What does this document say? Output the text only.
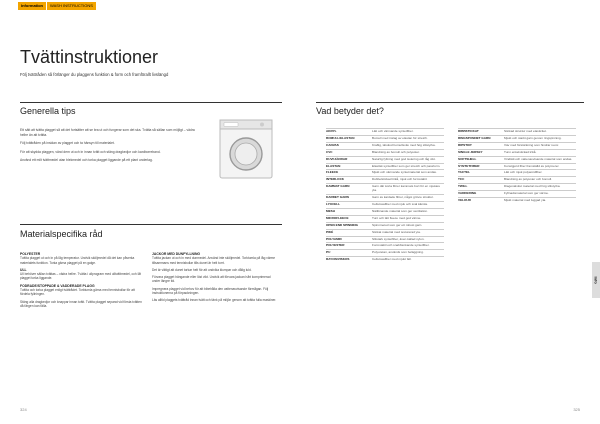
Information	WASH INSTRUCTIONS
Tvättinstruktioner
Följ tvättråden så förlänger du plaggens funktion & form och framförallt livslängd
Generella tips

Ett sätt att tvätta plagget så att det fortsätter att se bra ut och fungerar som det ska. Tvätta så sällan som möjligt – vädra hellre än att tvätta.

Följ tvättråden på insidan av plagget och ta hänsyn till materialet.

För att skydda plaggen, vänd dem ut och in innan tvätt och stäng dragkedjor och kardborreband.

Använd ett milt tvättmedel utan blekmedel och torka plagget liggande på ett plant underlag.

Materialspecifika råd
POLYESTER

Tvätta plagget ut och in på låg temperatur. Undvik sköljmedel då det kan påverka materialets funktion. Torka gärna plagget på en galge.

ULL

Ull behöver sällan tvättas – vädra hellre. Tvätta i ullprogram med ulltvättmedel, och låt plagget torka liggande.

FODRADE/STOPPADE & VADDERADE PLAGG

Tvätta och torka plagget enligt tvättrådet. Torktumla gärna med tennisbollar för att fördela fyllningen.

Stäng alla dragkedjor och knappar innan tvätt. Tvätta plagget separat vid första tvätten då färgen kan fälla.

JACKOR MED DUNFYLLNING

Tvätta jackan ut och in med dunmedel. Använd inte sköljmedel. Torktumla på låg värme tillsammans med tennisbollar tills dunet är helt torrt.

Det är viktigt att dunet torkar helt för att undvika klumpar och dålig lukt.

Förvara plagget hängande eller löst vikt. Undvik att förvara jackan hårt komprimerad under längre tid.

Impregnera plagget vid behov för att bibehålla den vattenavvisande förmågan. Följ instruktionerna på förpackningen.

Läs alltid plaggets tvättråd innan tvätt och tänk på miljön genom att tvätta fulla maskiner.

Vad betyder det?
AKRYL	Lätt och värmande syntetfiber.
BOMULL/ELASTAN	Bomull med inslag av elastan för stretch.
CANVAS	Kraftig, tätvävd bomullsväv med hög slitstyrka.
CVC	Blandning av bomull och polyester.
DUVFJÄDRAR	Naturlig fyllning med god isolering och låg vikt.
ELASTAN	Elastisk syntetfiber som ger stretch och passform.
FLEECE	Mjukt och värmande syntetmaterial som andas.
INTERLOCK	Dubbelstickad trikå, mjuk och formstabil.
KAMMAT GARN	Garn där korta fibrer kammats bort för en mjukare yta.
KARDET GARN	Garn av kardade fibrer, något grövre struktur.
LYOCELL	Cellulosafiber med mjuk och sval känsla.
MESH	Nätliknande material som ger ventilation.
MICROFLEECE	Tunt och lätt fleece med god värme.
OPEN END SPINNING	Spinnmetod som ger ett robust garn.
PIKÉ	Stickat material med texturerad yta.
POLYAMID	Slitstark syntetfiber, även kallad nylon.
POLYESTER	Formstabil och snabbtorkande syntetfiber.
PU	Polyuretan, används som beläggning.
RAYON/VISKOS	Cellulosafiber med mjukt fall.
RIBBSTICKAT	Stickad struktur med elasticitet.
RINGSPUNNET GARN	Mjukt och starkt garn genom ringspinning.
RIPSTOP	Väv med förstärkning som hindrar revor.
SINGLE JERSEY	Tunn enkelstickad trikå.
SOFTSHELL	Vindtätt och vattenavvisande material som andas.
SYNTETFIBER	Konstgjord fiber framställd av polymerer.
TACTEL	Lätt och mjuk polyamidfiber.
TCC	Blandning av polyester och bomull.
TWILL	Diagonalvävt material med hög slitstyrka.
VADDERING	Fyllnadsmaterial som ger värme.
VELOUR	Mjukt material med luggad yta.
324	325
Info
